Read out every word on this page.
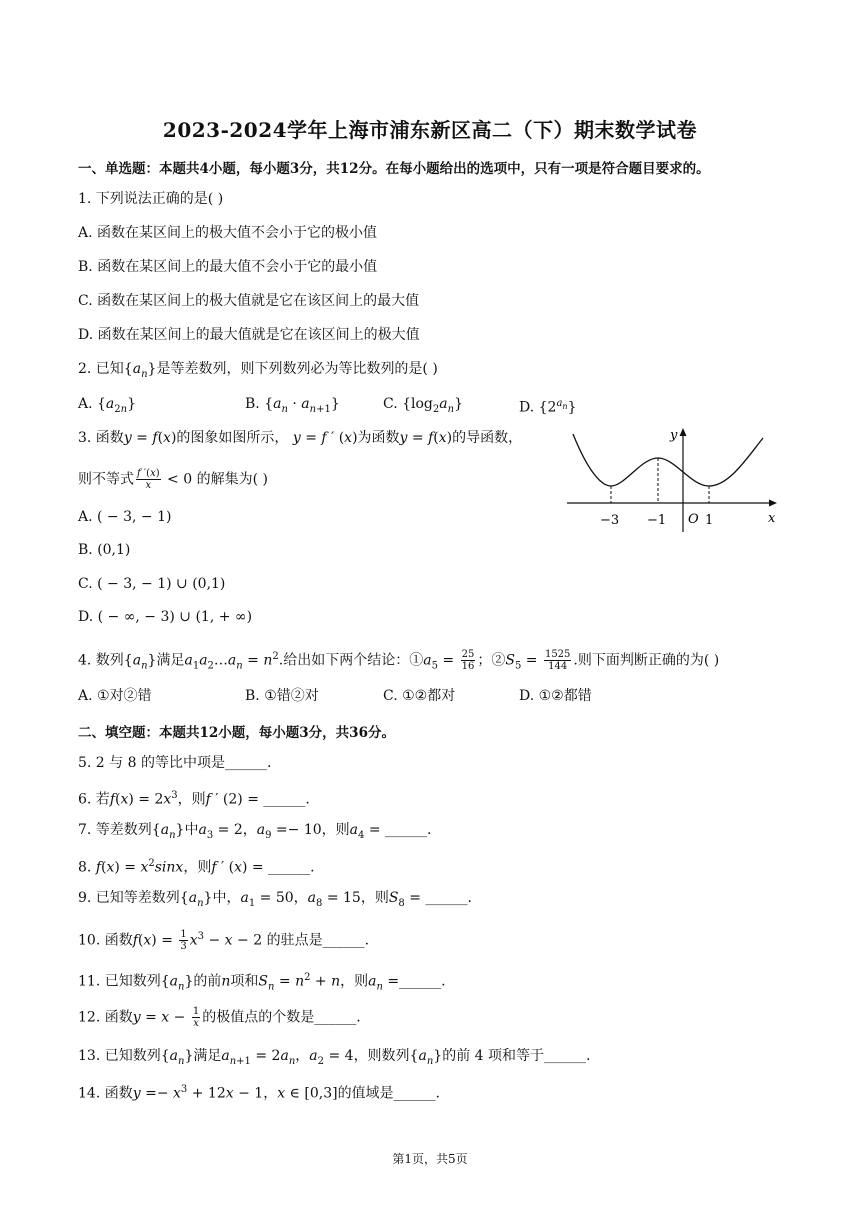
2023-2024学年上海市浦东新区高二（下）期末数学试卷
一、单选题：本题共4小题，每小题3分，共12分。在每小题给出的选项中，只有一项是符合题目要求的。
1. 下列说法正确的是( )
A. 函数在某区间上的极大值不会小于它的极小值
B. 函数在某区间上的最大值不会小于它的最小值
C. 函数在某区间上的极大值就是它在该区间上的最大值
D. 函数在某区间上的最大值就是它在该区间上的极大值
2. 已知$\{a_n\}$是等差数列，则下列数列必为等比数列的是( )
A. $\{a_{2n}\}$	B. $\{a_n \cdot a_{n+1}\}$	C. $\{\log_2a_n\}$	D. $\{2^{a_n}\}$
3. 函数y = f(x)的图象如图所示， y = f ′ (x)为函数y = f(x)的导函数，
则不等式 $\frac{f '(x)}{x} < 0$ 的解集为( )
A. ( − 3, − 1)
B. (0,1)
C. ( − 3, − 1) ∪ (0,1)
D. ( − ∞, − 3) ∪ (1, + ∞)
y
x
O
−3 −1	1
4. 数列$\{a_n\}$满足$a_1a_2\dots a_n = n^2$.给出如下两个结论：$①a_5 = \frac{25}{16}$ ；$②S_5 = \frac{1525}{144}$ .则下面判断正确的为( )
A. ①对②错	B. ①错②对	C. ①②都对	D. ①②都错
二、填空题：本题共12小题，每小题3分，共36分。
5. 2 与 8 的等比中项是______.
6. 若$f(x) = 2x^3$，则f ′ (2) = ______.
7. 等差数列$\{a_n\}$中$a_3 = 2$，$a_9 =- 10$，则$a_4$ = ______.
8. $f(x) = x^2\sin x$，则f ′ (x) = ______.
9. 已知等差数列$\{a_n\}$中，$a_1 = 50$，$a_8 = 15$，则$S_8$ = ______.
10. 函数$f(x) = \frac{1}{3} x^3 - x - 2$ 的驻点是______.
11. 已知数列$\{a_n\}$的前n项和$S_n = n^2 + n$，则$a_n$ =______.
12. 函数$y = x - \frac{1}{x}$ 的极值点的个数是______.
13. 已知数列$\{a_n\}$满足$a_{n+1} = 2a_n$，$a_2 = 4$，则数列$\{a_n\}$的前 4 项和等于______.
14. 函数$y =- x^3 + 12x - 1$，x ∈ [0,3]的值域是______.
第1页，共5页
